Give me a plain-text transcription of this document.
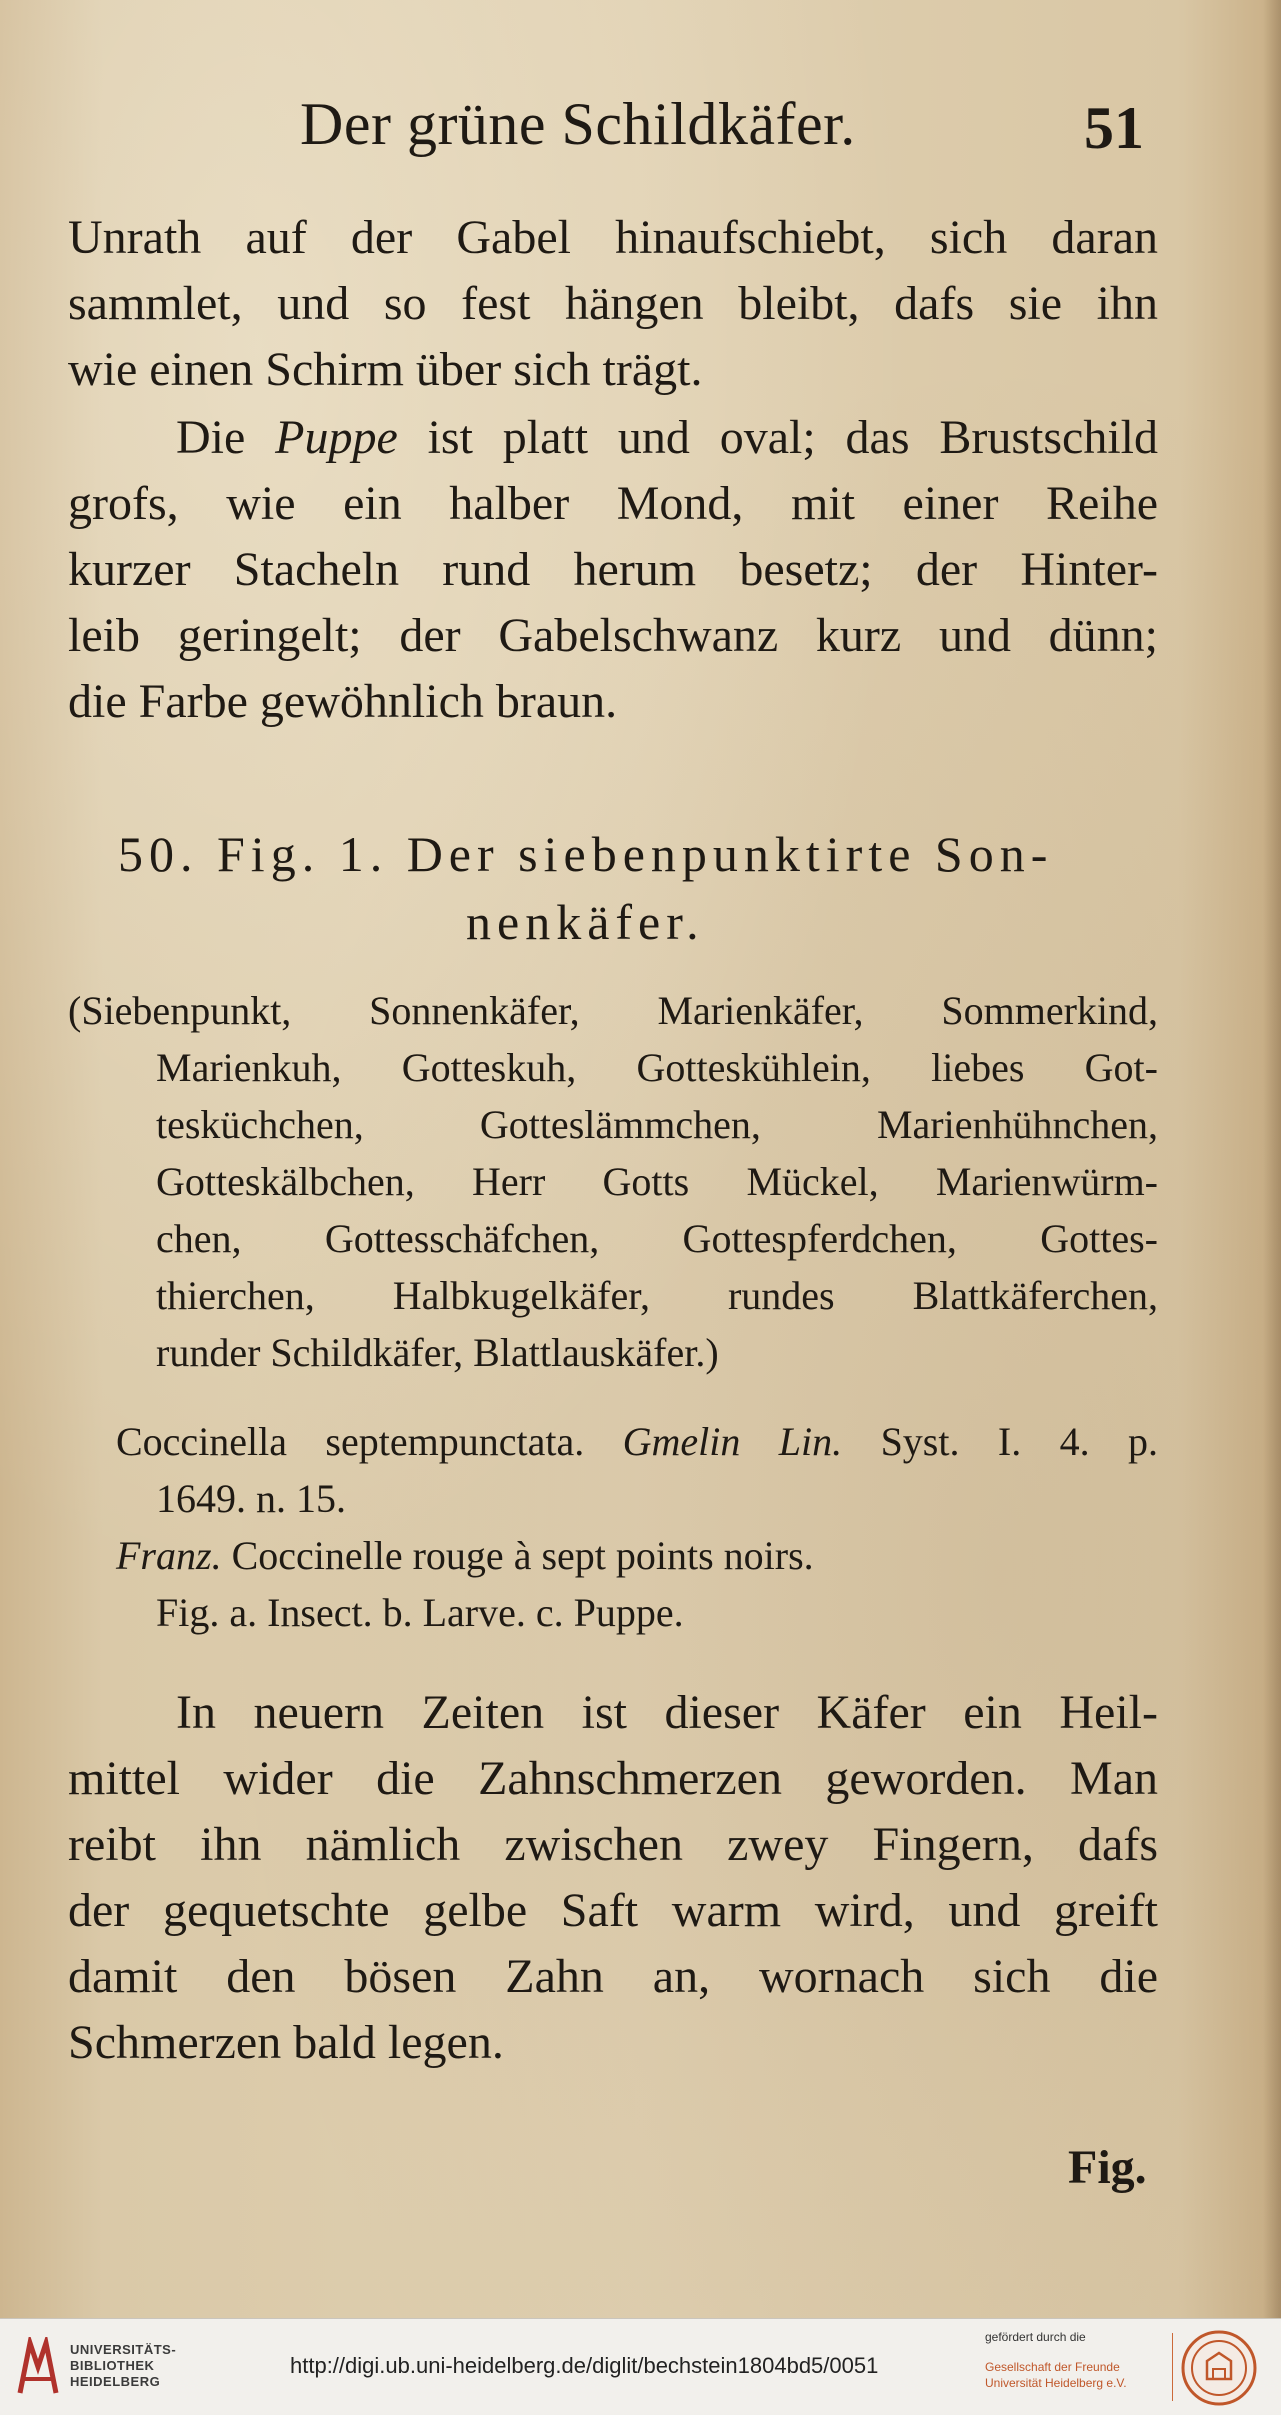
Der grüne Schildkäfer.	51
Unrath auf der Gabel hinaufschiebt, sich daran
sammlet, und so fest hängen bleibt, dafs sie ihn
wie einen Schirm über sich trägt.
Die Puppe ist platt und oval; das Brustschild
grofs, wie ein halber Mond, mit einer Reihe
kurzer Stacheln rund herum besetz; der Hinter-
leib geringelt; der Gabelschwanz kurz und dünn;
die Farbe gewöhnlich braun.
50. Fig. 1. Der siebenpunktirte Son-
nenkäfer.
(Siebenpunkt, Sonnenkäfer, Marienkäfer, Sommerkind,
Marienkuh, Gotteskuh, Gotteskühlein, liebes Got-
tesküchchen, Gotteslämmchen, Marienhühnchen,
Gotteskälbchen, Herr Gotts Mückel, Marienwürm-
chen, Gottesschäfchen, Gottespferdchen, Gottes-
thierchen, Halbkugelkäfer, rundes Blattkäferchen,
runder Schildkäfer, Blattlauskäfer.)
Coccinella septempunctata. Gmelin Lin. Syst. I. 4. p.
1649. n. 15.
Franz. Coccinelle rouge à sept points noirs.
Fig. a. Insect. b. Larve. c. Puppe.
In neuern Zeiten ist dieser Käfer ein Heil-
mittel wider die Zahnschmerzen geworden. Man
reibt ihn nämlich zwischen zwey Fingern, dafs
der gequetschte gelbe Saft warm wird, und greift
damit den bösen Zahn an, wornach sich die
Schmerzen bald legen.
Fig.
UNIVERSITÄTS-
BIBLIOTHEK
HEIDELBERG
http://digi.ub.uni-heidelberg.de/diglit/bechstein1804bd5/0051
gefördert durch die
Gesellschaft der Freunde
Universität Heidelberg e.V.
